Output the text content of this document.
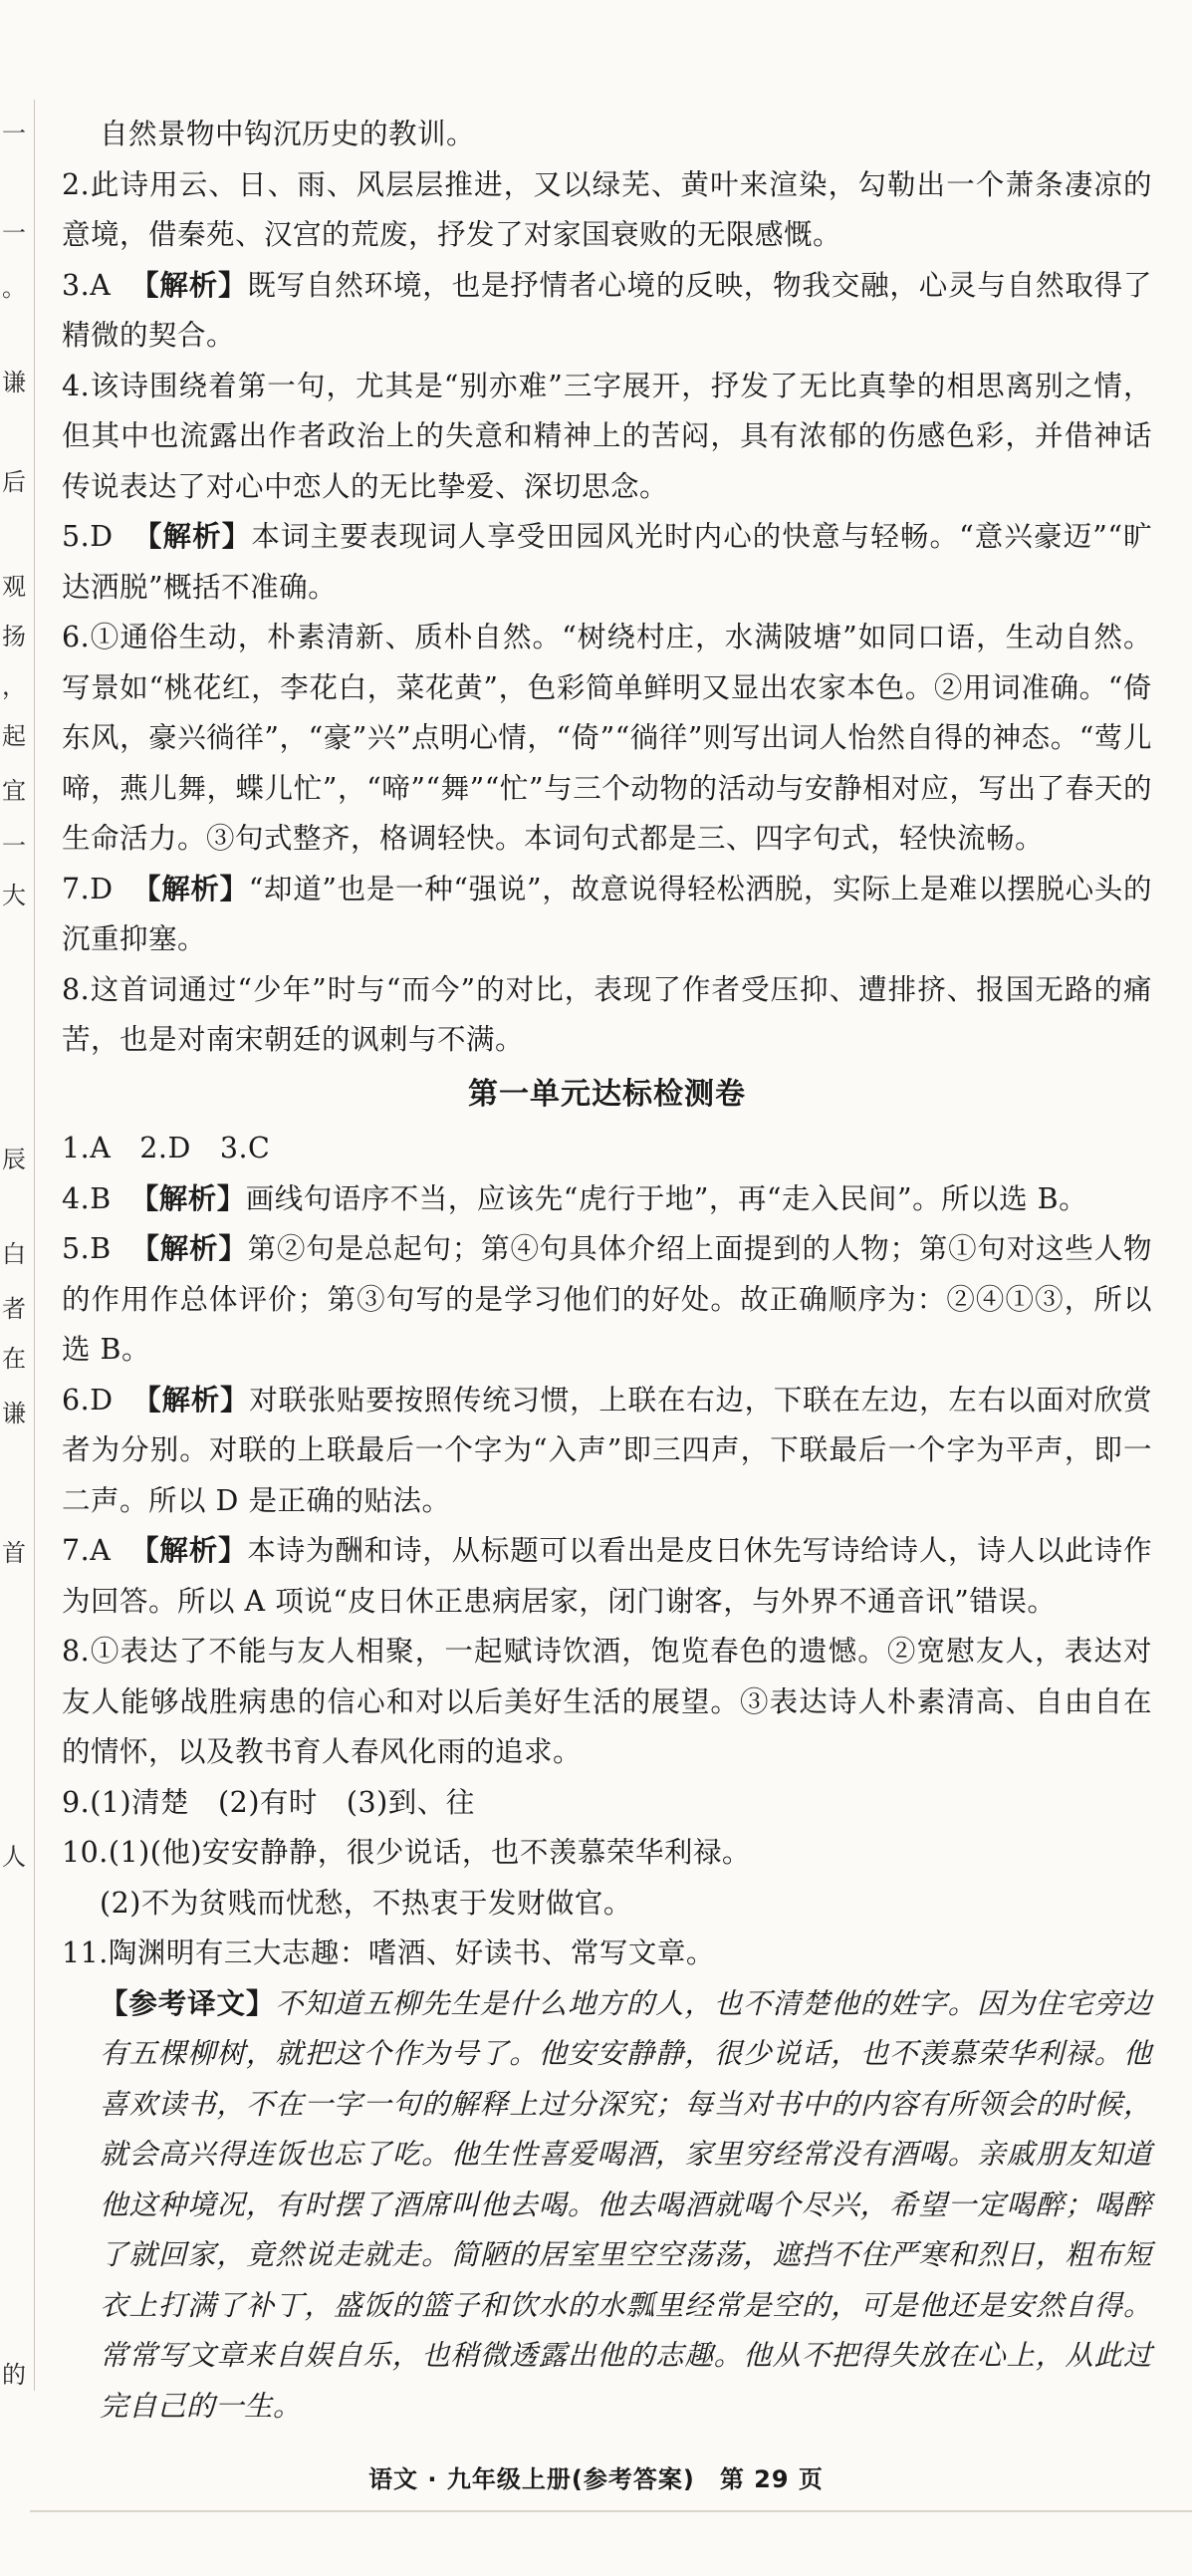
一
一
。
谦
后
观
扬
，
起
宜
一
大
辰
白
者
在
谦
首
人
的

自然景物中钩沉历史的教训。

2.此诗用云、日、雨、风层层推进，又以绿芜、黄叶来渲染，勾勒出一个萧条凄凉的意境，借秦苑、汉宫的荒废，抒发了对家国衰败的无限感慨。

3.A 【解析】既写自然环境，也是抒情者心境的反映，物我交融，心灵与自然取得了精微的契合。

4.该诗围绕着第一句，尤其是“别亦难”三字展开，抒发了无比真挚的相思离别之情，但其中也流露出作者政治上的失意和精神上的苦闷，具有浓郁的伤感色彩，并借神话传说表达了对心中恋人的无比挚爱、深切思念。

5.D 【解析】本词主要表现词人享受田园风光时内心的快意与轻畅。“意兴豪迈”“旷达洒脱”概括不准确。

6.①通俗生动，朴素清新、质朴自然。“树绕村庄，水满陂塘”如同口语，生动自然。写景如“桃花红，李花白，菜花黄”，色彩简单鲜明又显出农家本色。②用词准确。“倚东风，豪兴徜徉”，“豪”兴”点明心情，“倚”“徜徉”则写出词人怡然自得的神态。“莺儿啼，燕儿舞，蝶儿忙”，“啼”“舞”“忙”与三个动物的活动与安静相对应，写出了春天的生命活力。③句式整齐，格调轻快。本词句式都是三、四字句式，轻快流畅。

7.D 【解析】“却道”也是一种“强说”，故意说得轻松洒脱，实际上是难以摆脱心头的沉重抑塞。

8.这首词通过“少年”时与“而今”的对比，表现了作者受压抑、遭排挤、报国无路的痛苦，也是对南宋朝廷的讽刺与不满。

第一单元达标检测卷

1.A　2.D　3.C

4.B 【解析】画线句语序不当，应该先“虎行于地”，再“走入民间”。所以选 B。

5.B 【解析】第②句是总起句；第④句具体介绍上面提到的人物；第①句对这些人物的作用作总体评价；第③句写的是学习他们的好处。故正确顺序为：②④①③，所以选 B。

6.D 【解析】对联张贴要按照传统习惯，上联在右边，下联在左边，左右以面对欣赏者为分别。对联的上联最后一个字为“入声”即三四声，下联最后一个字为平声，即一二声。所以 D 是正确的贴法。

7.A 【解析】本诗为酬和诗，从标题可以看出是皮日休先写诗给诗人，诗人以此诗作为回答。所以 A 项说“皮日休正患病居家，闭门谢客，与外界不通音讯”错误。

8.①表达了不能与友人相聚，一起赋诗饮酒，饱览春色的遗憾。②宽慰友人，表达对友人能够战胜病患的信心和对以后美好生活的展望。③表达诗人朴素清高、自由自在的情怀，以及教书育人春风化雨的追求。

9.(1)清楚　(2)有时　(3)到、往

10.(1)(他)安安静静，很少说话，也不羡慕荣华利禄。

(2)不为贫贱而忧愁，不热衷于发财做官。

11.陶渊明有三大志趣：嗜酒、好读书、常写文章。

【参考译文】不知道五柳先生是什么地方的人，也不清楚他的姓字。因为住宅旁边有五棵柳树，就把这个作为号了。他安安静静，很少说话，也不羡慕荣华利禄。他喜欢读书，不在一字一句的解释上过分深究；每当对书中的内容有所领会的时候，就会高兴得连饭也忘了吃。他生性喜爱喝酒，家里穷经常没有酒喝。亲戚朋友知道他这种境况，有时摆了酒席叫他去喝。他去喝酒就喝个尽兴，希望一定喝醉；喝醉了就回家，竟然说走就走。简陋的居室里空空荡荡，遮挡不住严寒和烈日，粗布短衣上打满了补丁，盛饭的篮子和饮水的水瓢里经常是空的，可是他还是安然自得。常常写文章来自娱自乐，也稍微透露出他的志趣。他从不把得失放在心上，从此过完自己的一生。

语文 · 九年级上册(参考答案)　第 29 页
